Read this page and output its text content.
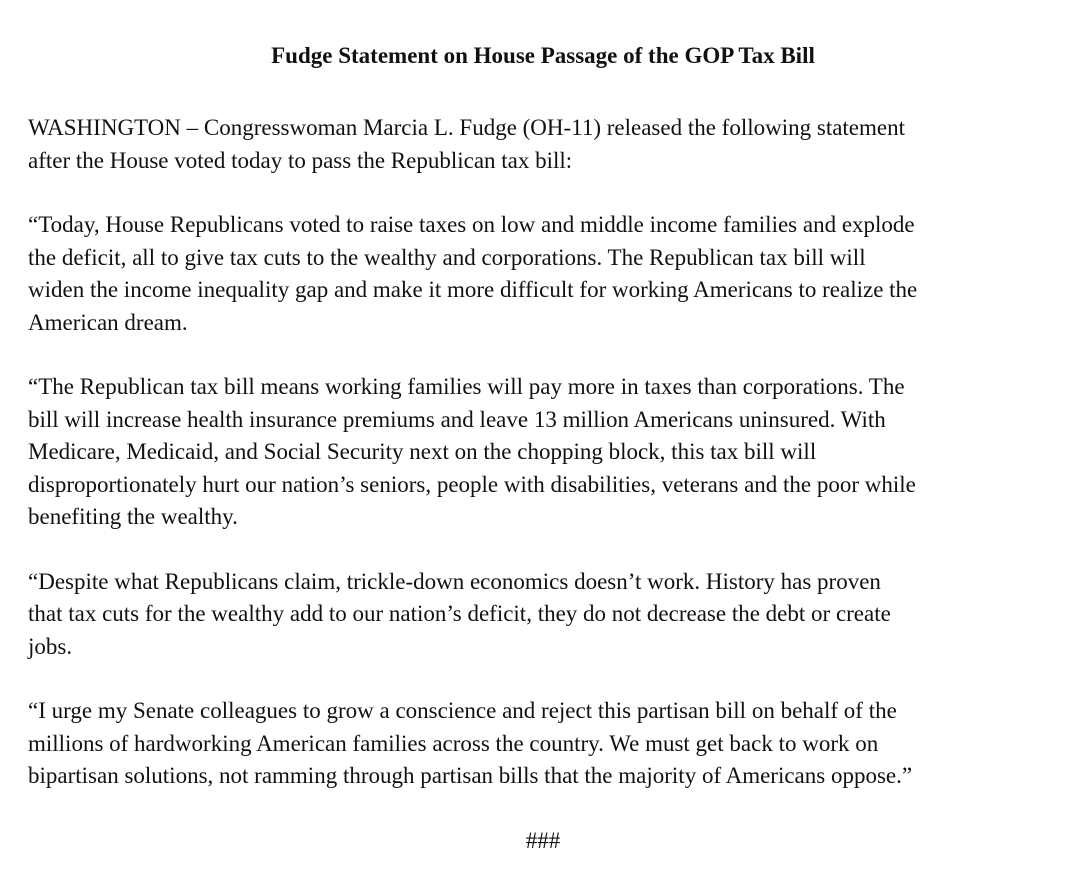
Fudge Statement on House Passage of the GOP Tax Bill

WASHINGTON – Congresswoman Marcia L. Fudge (OH-11) released the following statement
after the House voted today to pass the Republican tax bill:

“Today, House Republicans voted to raise taxes on low and middle income families and explode
the deficit, all to give tax cuts to the wealthy and corporations. The Republican tax bill will
widen the income inequality gap and make it more difficult for working Americans to realize the
American dream.

“The Republican tax bill means working families will pay more in taxes than corporations. The
bill will increase health insurance premiums and leave 13 million Americans uninsured. With
Medicare, Medicaid, and Social Security next on the chopping block, this tax bill will
disproportionately hurt our nation’s seniors, people with disabilities, veterans and the poor while
benefiting the wealthy.

“Despite what Republicans claim, trickle-down economics doesn’t work. History has proven
that tax cuts for the wealthy add to our nation’s deficit, they do not decrease the debt or create
jobs.

“I urge my Senate colleagues to grow a conscience and reject this partisan bill on behalf of the
millions of hardworking American families across the country. We must get back to work on
bipartisan solutions, not ramming through partisan bills that the majority of Americans oppose.”

###
